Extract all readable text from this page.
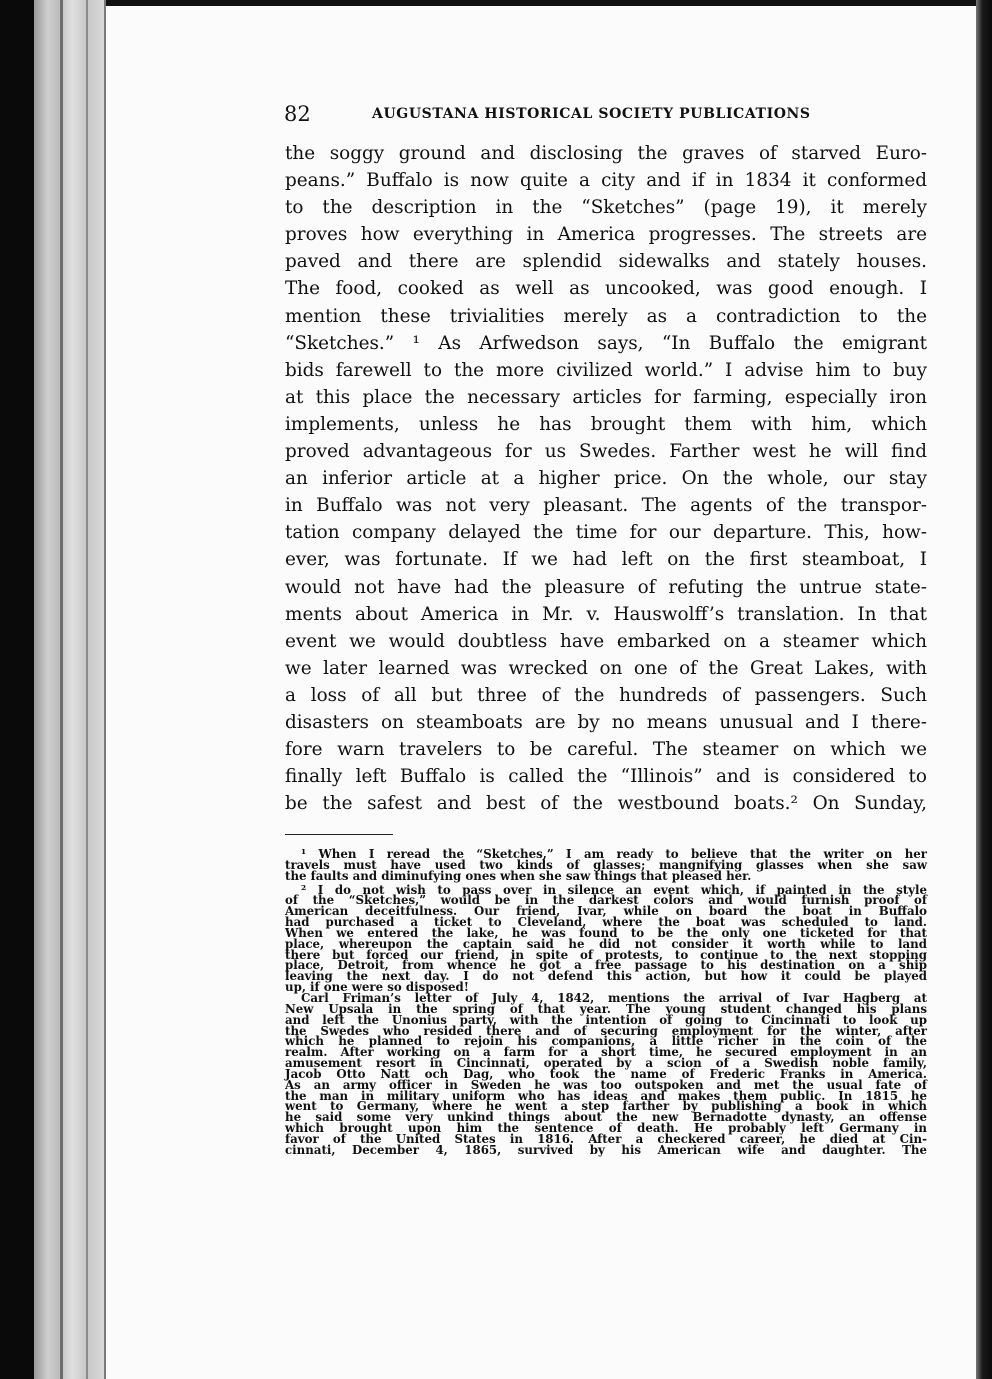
82	AUGUSTANA HISTORICAL SOCIETY PUBLICATIONS
the soggy ground and disclosing the graves of starved Euro-
peans.” Buffalo is now quite a city and if in 1834 it conformed
to the description in the “Sketches” (page 19), it merely
proves how everything in America progresses. The streets are
paved and there are splendid sidewalks and stately houses.
The food, cooked as well as uncooked, was good enough. I
mention these trivialities merely as a contradiction to the
“Sketches.” ¹ As Arfwedson says, “In Buffalo the emigrant
bids farewell to the more civilized world.” I advise him to buy
at this place the necessary articles for farming, especially iron
implements, unless he has brought them with him, which
proved advantageous for us Swedes. Farther west he will find
an inferior article at a higher price. On the whole, our stay
in Buffalo was not very pleasant. The agents of the transpor-
tation company delayed the time for our departure. This, how-
ever, was fortunate. If we had left on the first steamboat, I
would not have had the pleasure of refuting the untrue state-
ments about America in Mr. v. Hauswolff’s translation. In that
event we would doubtless have embarked on a steamer which
we later learned was wrecked on one of the Great Lakes, with
a loss of all but three of the hundreds of passengers. Such
disasters on steamboats are by no means unusual and I there-
fore warn travelers to be careful. The steamer on which we
finally left Buffalo is called the “Illinois” and is considered to
be the safest and best of the westbound boats.² On Sunday,
¹ When I reread the “Sketches,” I am ready to believe that the writer on her
travels must have used two kinds of glasses; mangnifying glasses when she saw
the faults and diminufying ones when she saw things that pleased her.
² I do not wish to pass over in silence an event which, if painted in the style
of the “Sketches,” would be in the darkest colors and would furnish proof of
American deceitfulness. Our friend, Ivar, while on board the boat in Buffalo
had purchased a ticket to Cleveland, where the boat was scheduled to land.
When we entered the lake, he was found to be the only one ticketed for that
place, whereupon the captain said he did not consider it worth while to land
there but forced our friend, in spite of protests, to continue to the next stopping
place, Detroit, from whence he got a free passage to his destination on a ship
leaving the next day. I do not defend this action, but how it could be played
up, if one were so disposed!
Carl Friman’s letter of July 4, 1842, mentions the arrival of Ivar Hagberg at
New Upsala in the spring of that year. The young student changed his plans
and left the Unonius party, with the intention of going to Cincinnati to look up
the Swedes who resided there and of securing employment for the winter, after
which he planned to rejoin his companions, a little richer in the coin of the
realm. After working on a farm for a short time, he secured employment in an
amusement resort in Cincinnati, operated by a scion of a Swedish noble family,
Jacob Otto Natt och Dag, who took the name of Frederic Franks in America.
As an army officer in Sweden he was too outspoken and met the usual fate of
the man in military uniform who has ideas and makes them public. In 1815 he
went to Germany, where he went a step farther by publishing a book in which
he said some very unkind things about the new Bernadotte dynasty, an offense
which brought upon him the sentence of death. He probably left Germany in
favor of the United States in 1816. After a checkered career, he died at Cin-
cinnati, December 4, 1865, survived by his American wife and daughter. The
